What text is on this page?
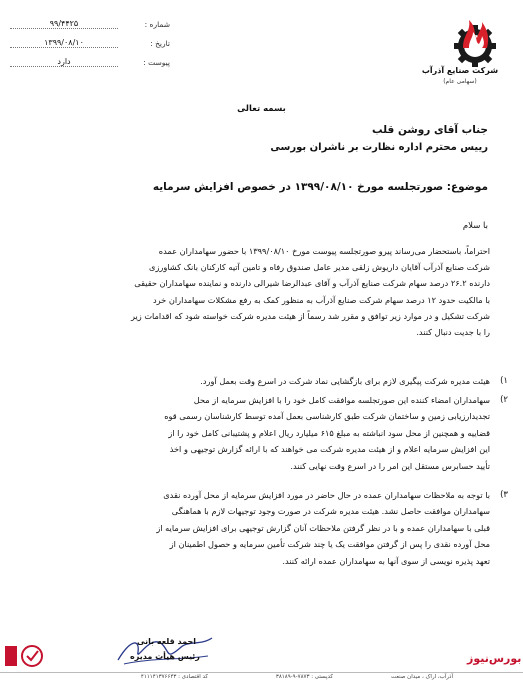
شرکت صنایع آذرآب
(سهامی عام)
شماره :
۹۹/۴۴۲۵
تاریخ :
۱۳۹۹/۰۸/۱۰
پیوست :
دارد
بسمه تعالی
جناب آقای روشن قلب
رییس محترم اداره نظارت بر ناشران بورسی
موضوع: صورتجلسه مورخ ۱۳۹۹/۰۸/۱۰ در خصوص افزایش سرمایه
با سلام
احتراماً، باستحضار می‌رساند پیرو صورتجلسه پیوست مورخ ۱۳۹۹/۰۸/۱۰ با حضور سهامداران عمده
شرکت صنایع آذرآب آقایان داریوش زلقی مدیر عامل صندوق رفاه و تامین آتیه کارکنان بانک کشاورزی
دارنده ۲۶.۲ درصد سهام شرکت صنایع آذرآب و آقای عبدالرضا شیرالی دارنده و نماینده سهامداران حقیقی
با مالکیت حدود ۱۲ درصد سهام شرکت صنایع آذرآب به منظور کمک به رفع مشکلات سهامداران خرد
شرکت تشکیل و در موارد زیر توافق و مقرر شد رسماً از هیئت مدیره شرکت خواسته شود که اقدامات زیر
را با جدیت دنبال کنند.
۱)
هیئت مدیره شرکت پیگیری لازم برای بازگشایی نماد شرکت در اسرع وقت بعمل آورد.
۲)
سهامداران امضاء کننده این صورتجلسه موافقت کامل خود را با افزایش سرمایه از محل
تجدیدارزیابی زمین و ساختمان شرکت طبق کارشناسی بعمل آمده توسط کارشناسان رسمی قوه
قضاییه و همچنین از محل سود انباشته به مبلغ ۶۱۵ میلیارد ریال اعلام و پشتیبانی کامل خود را از
این افزایش سرمایه اعلام و از هیئت مدیره شرکت می خواهند که با ارائه گزارش توجیهی و اخذ
تأیید حسابرس مستقل این امر را در اسرع وقت نهایی کنند.
۳)
با توجه به ملاحظات سهامداران عمده در حال حاضر در مورد افزایش سرمایه از محل آورده نقدی
سهامداران موافقت حاصل نشد. هیئت مدیره شرکت در صورت وجود توجیهات لازم با هماهنگی
قبلی با سهامداران عمده و با در نظر گرفتن ملاحظات آنان گزارش توجیهی برای افزایش سرمایه از
محل آورده نقدی را پس از گرفتن موافقت یک یا چند شرکت تأمین سرمایه و حصول اطمینان از
تعهد پذیره نویسی از سوی آنها به سهامداران عمده ارائه کنند.
احمد قلعه بانی
رئیس هیأت مدیره	بورس‌نیوز
آذرآب، اراک ، میدان صنعت
کدپستی : ۷۸۷۳-۹-۳۸۱۸۹
کد اقتصادی : ۴۱۱۱۴۱۳۷۶۶۴۳
